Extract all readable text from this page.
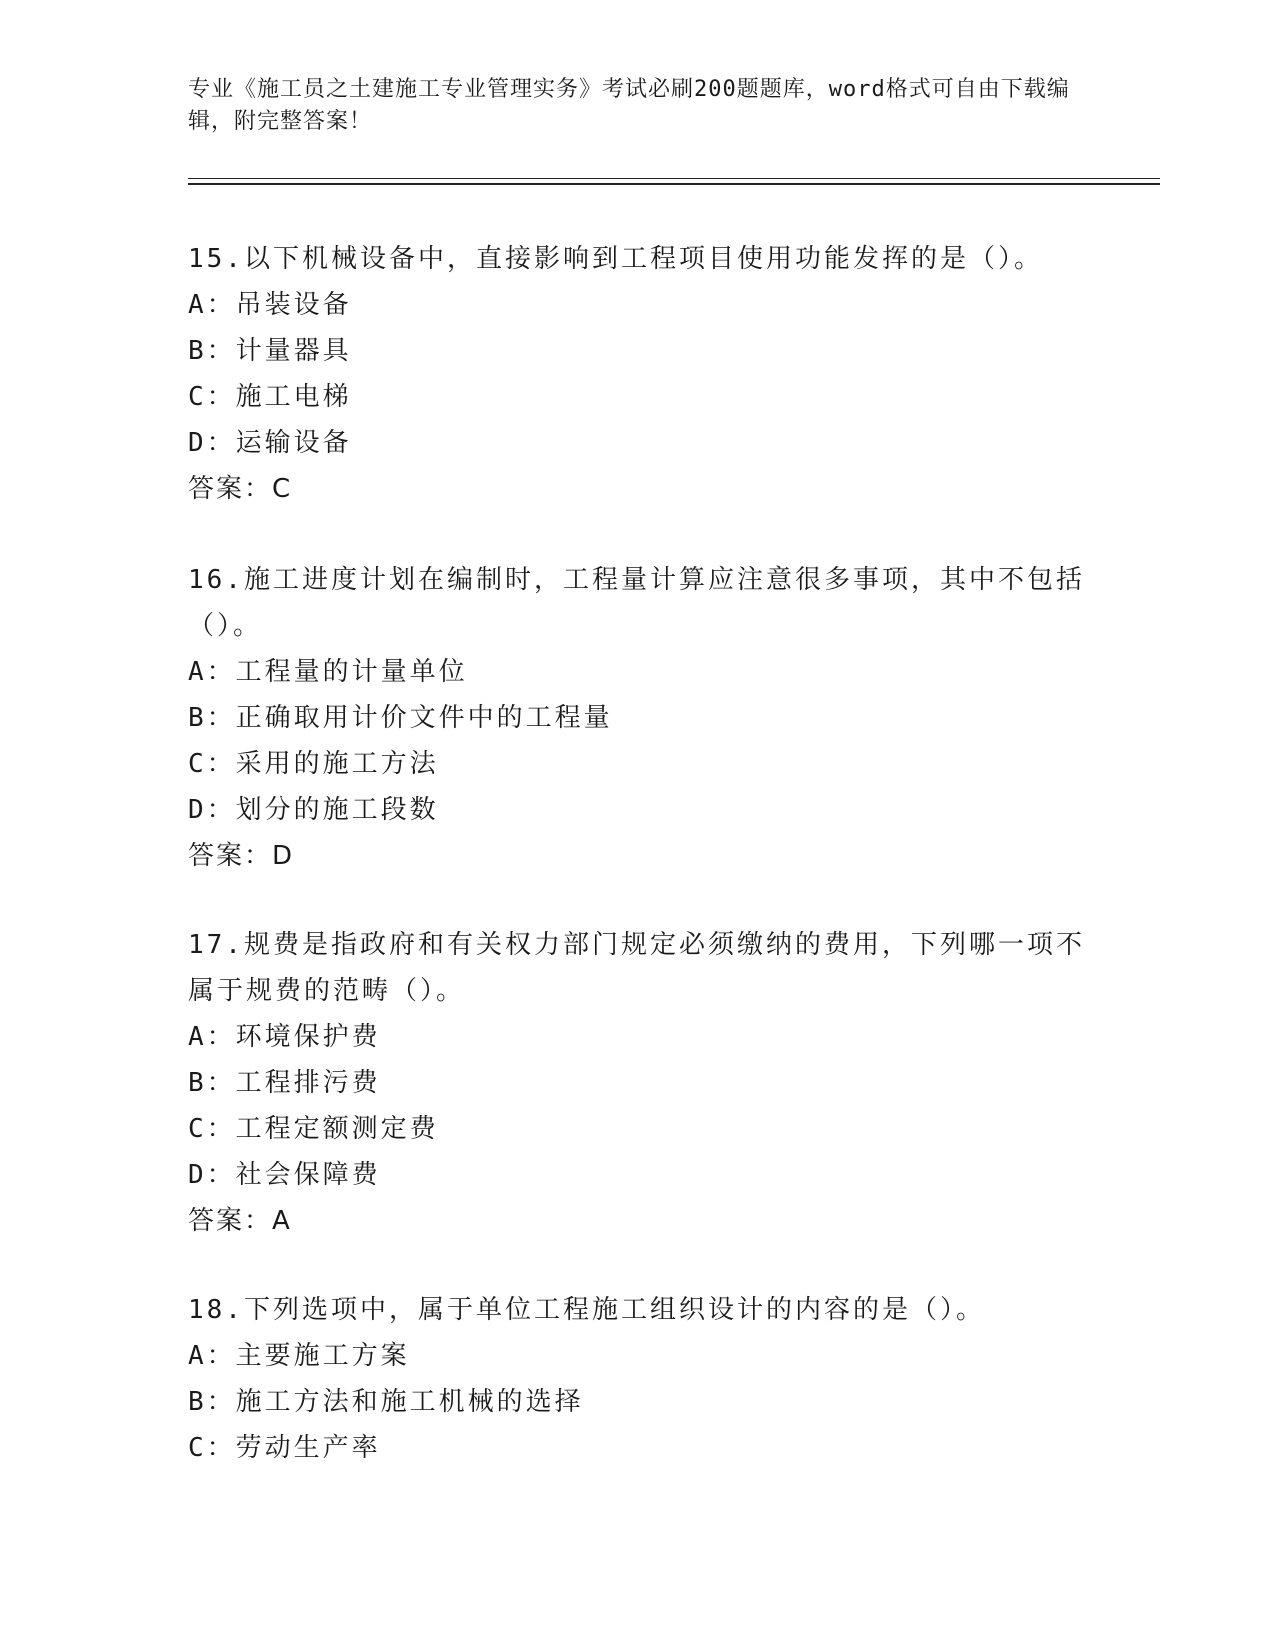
专业《施工员之土建施工专业管理实务》考试必刷200题题库，word格式可自由下载编辑，附完整答案！
15.以下机械设备中，直接影响到工程项目使用功能发挥的是（）。
A：吊装设备
B：计量器具
C：施工电梯
D：运输设备
答案：C
16.施工进度计划在编制时，工程量计算应注意很多事项，其中不包括
（）。
A：工程量的计量单位
B：正确取用计价文件中的工程量
C：采用的施工方法
D：划分的施工段数
答案：D
17.规费是指政府和有关权力部门规定必须缴纳的费用，下列哪一项不
属于规费的范畴（）。
A：环境保护费
B：工程排污费
C：工程定额测定费
D：社会保障费
答案：A
18.下列选项中，属于单位工程施工组织设计的内容的是（）。
A：主要施工方案
B：施工方法和施工机械的选择
C：劳动生产率
